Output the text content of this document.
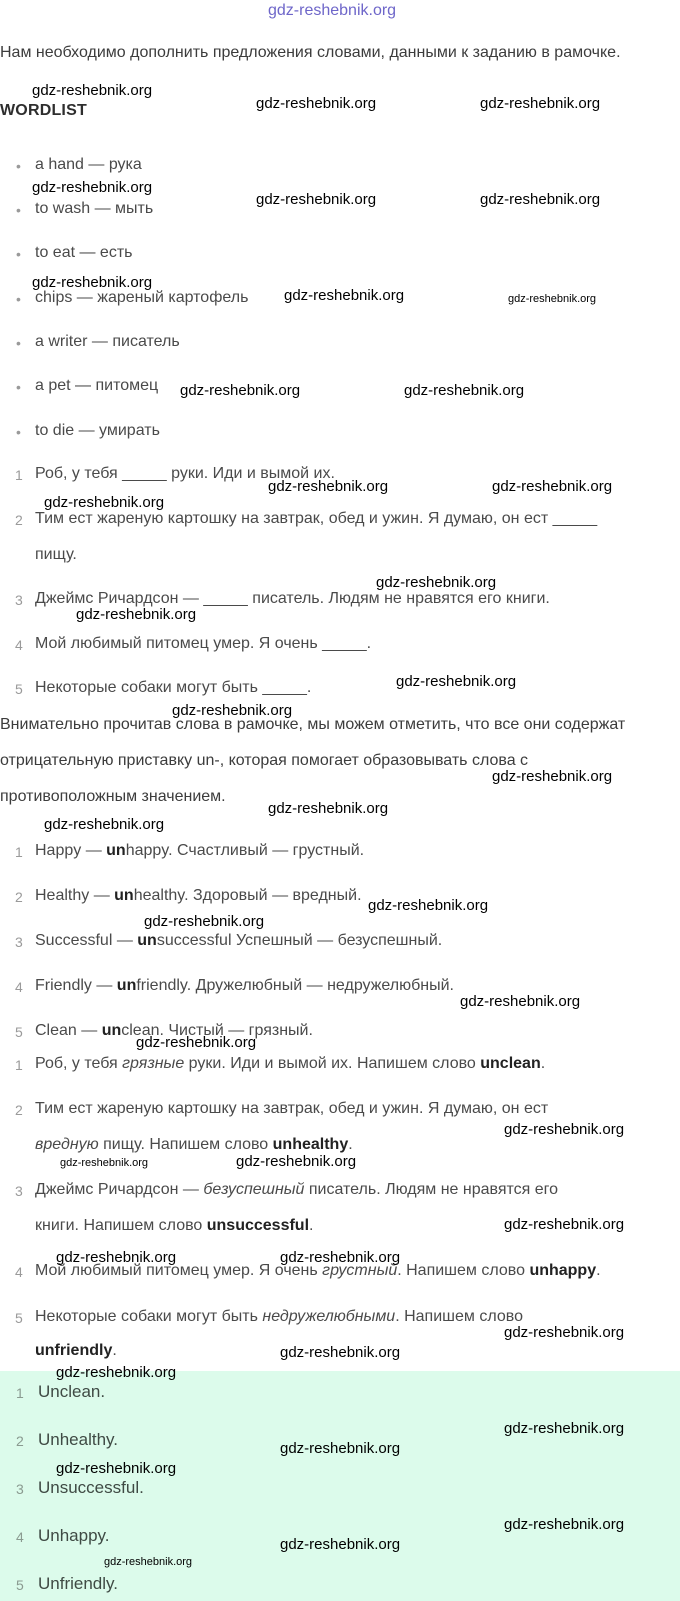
gdz-reshebnik.org
Нам необходимо дополнить предложения словами, данными к заданию в рамочке.
WORDLIST
• a hand — рука
• to wash — мыть
• to eat — есть
• chips — жареный картофель
• a writer — писатель
• a pet — питомец
• to die — умирать
1 Роб, у тебя _____ руки. Иди и вымой их.
2 Тим ест жареную картошку на завтрак, обед и ужин. Я думаю, он ест _____
пищу.
3 Джеймс Ричардсон — _____ писатель. Людям не нравятся его книги.
4 Мой любимый питомец умер. Я очень _____.
5 Некоторые собаки могут быть _____.
Внимательно прочитав слова в рамочке, мы можем отметить, что все они содержат отрицательную приставку un-, которая помогает образовывать слова с противоположным значением.
1 Happy — unhappy. Счастливый — грустный.
2 Healthy — unhealthy. Здоровый — вредный.
3 Successful — unsuccessful Успешный — безуспешный.
4 Friendly — unfriendly. Дружелюбный — недружелюбный.
5 Clean — unclean. Чистый — грязный.
1 Роб, у тебя грязные руки. Иди и вымой их. Напишем слово unclean.
2 Тим ест жареную картошку на завтрак, обед и ужин. Я думаю, он ест
вредную пищу. Напишем слово unhealthy.
3 Джеймс Ричардсон — безуспешный писатель. Людям не нравятся его
книги. Напишем слово unsuccessful.
4 Мой любимый питомец умер. Я очень грустный. Напишем слово unhappy.
5 Некоторые собаки могут быть недружелюбными. Напишем слово
unfriendly.
1 Unclean.
2 Unhealthy.
3 Unsuccessful.
4 Unhappy.
5 Unfriendly.
gdz-reshebnik.org
gdz-reshebnik.org	gdz-reshebnik.org
gdz-reshebnik.org
gdz-reshebnik.org	gdz-reshebnik.org
gdz-reshebnik.org
gdz-reshebnik.org	gdz-reshebnik.org
gdz-reshebnik.org	gdz-reshebnik.org
gdz-reshebnik.org	gdz-reshebnik.org
gdz-reshebnik.org
gdz-reshebnik.org
gdz-reshebnik.org
gdz-reshebnik.org
gdz-reshebnik.org
gdz-reshebnik.org
gdz-reshebnik.org
gdz-reshebnik.org
gdz-reshebnik.org
gdz-reshebnik.org
gdz-reshebnik.org
gdz-reshebnik.org
gdz-reshebnik.org
gdz-reshebnik.org	gdz-reshebnik.org
gdz-reshebnik.org
gdz-reshebnik.org	gdz-reshebnik.org
gdz-reshebnik.org
gdz-reshebnik.org
gdz-reshebnik.org
gdz-reshebnik.org
gdz-reshebnik.org
gdz-reshebnik.org
gdz-reshebnik.org
gdz-reshebnik.org
gdz-reshebnik.org
